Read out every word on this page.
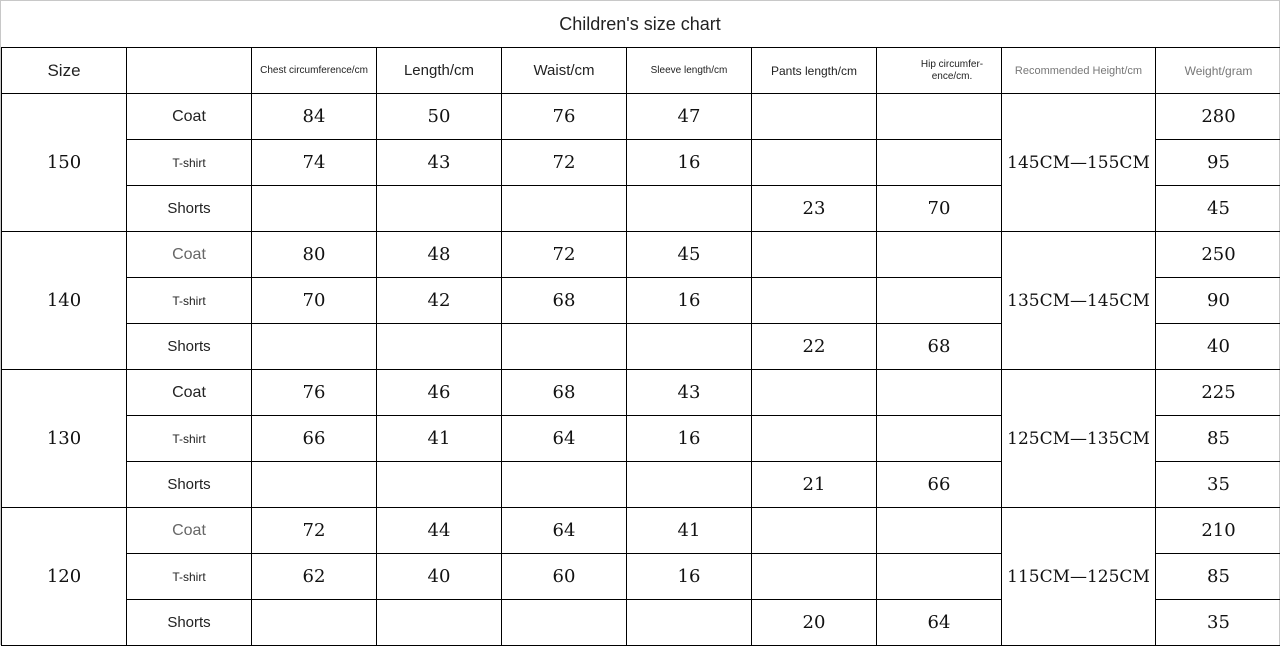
Children's size chart
Size		Chest circumference/cm	Length/cm	Waist/cm	Sleeve length/cm	Pants length/cm	Hip circumfer-ence/cm.	Recommended Height/cm	Weight/gram
150	Coat	84	50	76	47			145CM—155CM	280
	T-shirt	74	43	72	16				95
	Shorts					23	70		45
140	Coat	80	48	72	45			135CM—145CM	250
	T-shirt	70	42	68	16				90
	Shorts					22	68		40
130	Coat	76	46	68	43			125CM—135CM	225
	T-shirt	66	41	64	16				85
	Shorts					21	66		35
120	Coat	72	44	64	41			115CM—125CM	210
	T-shirt	62	40	60	16				85
	Shorts					20	64		35
